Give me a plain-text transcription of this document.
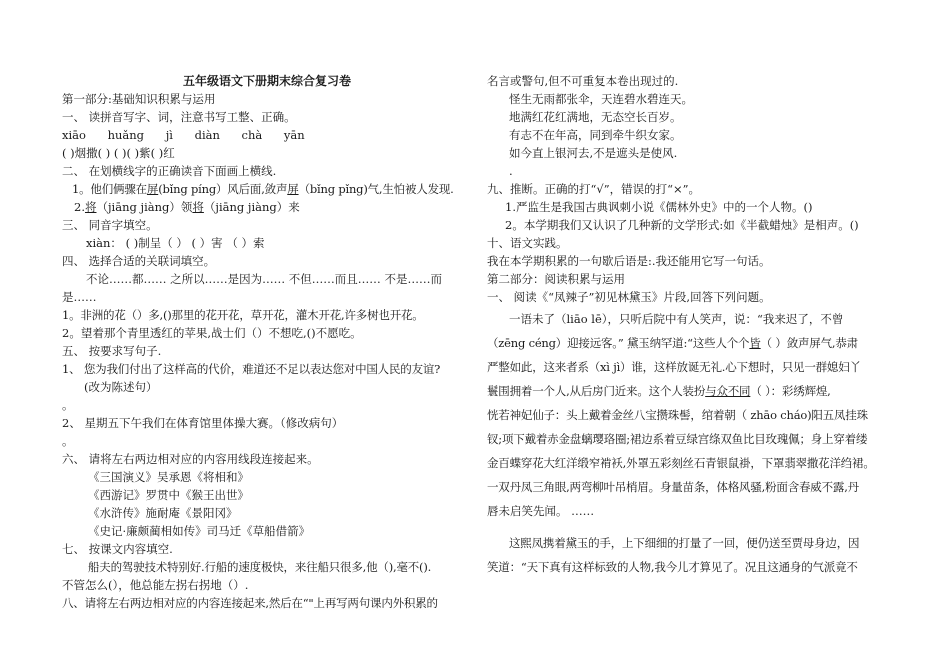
五年级语文下册期末综合复习卷
第一部分:基础知识积累与运用
一、 读拼音写字、词，注意书写工整、正确。
xiāo huǎng jì diàn chà yān
( )烟撒( ) ( )( )紫( )红
二、 在划横线字的正确读音下面画上横线.
1。他们俩骤在屏(bǐng píng）风后面,敛声屏（bǐng pǐng)气,生怕被人发现.
2.将（jiāng jiàng）领将（jiāng jiàng）来
三、 同音字填空。
xiàn： ( )制呈（ ） ( ）害 （ ）索
四、 选择合适的关联词填空。
不论……都…… 之所以……是因为…… 不但……而且…… 不是……而
是……
1。非洲的花（）多,()那里的花开花，草开花，灌木开花,许多树也开花。
2。望着那个青里透红的苹果,战士们（）不想吃,()不愿吃。
五、 按要求写句子.
1、 您为我们付出了这样高的代价，难道还不足以表达您对中国人民的友谊?
(改为陈述句）
。
2、 星期五下午我们在体育馆里体操大赛。（修改病句）
。
六、 请将左右两边相对应的内容用线段连接起来。
《三国演义》吴承恩《将相和》
《西游记》罗贯中《猴王出世》
《水浒传》施耐庵《景阳冈》
《史记·廉颇蔺相如传》司马迁《草船借箭》
七、 按课文内容填空.
船夫的驾驶技术特别好.行船的速度极快，来往船只很多,他（),毫不().
不管怎么(），他总能左拐右拐地（）.
八、请将左右两边相对应的内容连接起来,然后在“"上再写两句课内外积累的
名言或警句,但不可重复本卷出现过的.
怪生无雨都张伞，天连碧水碧连天。
地满红花红满地，无态空长百岁。
有志不在年高，同到牵牛织女家。
如今直上银河去,不是遮头是使风.
.
九、推断。正确的打“√”，错误的打“×”。
1.严监生是我国古典讽刺小说《儒林外史》中的一个人物。()
2。本学期我们又认识了几种新的文学形式:如《半截蜡烛》是相声。()
十、语文实践。
我在本学期积累的一句歇后语是:.我还能用它写一句话。
第二部分：阅读积累与运用
一、 阅读《“凤辣子”初见林黛玉》片段,回答下列问题。
一语未了（liāo lē），只听后院中有人笑声，说：“我来迟了，不曾
（zēng céng）迎接远客。” 黛玉纳罕道:“这些人个个皆（ ）敛声屏气,恭肃
严整如此，这来者系（xì jì）谁，这样放诞无礼.心下想时，只见一群媳妇丫
鬟围拥着一个人,从后房门近来。这个人装扮与众不同（ ）：彩绣辉煌,
恍若神妃仙子：头上戴着金丝八宝攒珠髻，绾着朝（ zhāo cháo)阳五凤挂珠
钗;项下戴着赤金盘螭璎珞圈;裙边系着豆绿宫绦双鱼比目玫瑰佩；身上穿着缕
金百蝶穿花大红洋缎窄褃袄,外罩五彩刻丝石青银鼠褂，下罩翡翠撒花洋绉裙。
一双丹凤三角眼,两弯柳叶吊梢眉。身量苗条，体格风骚,粉面含春威不露,丹
唇未启笑先闻。 ……
这熙凤携着黛玉的手，上下细细的打量了一回，便仍送至贾母身边，因
笑道：“天下真有这样标致的人物,我今儿才算见了。况且这通身的气派竟不
